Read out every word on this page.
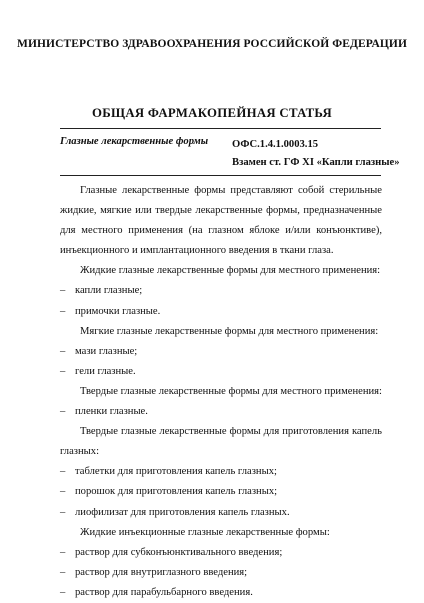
МИНИСТЕРСТВО ЗДРАВООХРАНЕНИЯ РОССИЙСКОЙ ФЕДЕРАЦИИ
ОБЩАЯ ФАРМАКОПЕЙНАЯ СТАТЬЯ
Глазные лекарственные формы ОФС.1.4.1.0003.15
Взамен ст. ГФ XI «Капли глазные»

Глазные лекарственные формы представляют собой стерильные жидкие, мягкие или твердые лекарственные формы, предназначенные для местного применения (на глазном яблоке и/или конъюнктиве), инъекционного и имплантационного введения в ткани глаза.

Жидкие глазные лекарственные формы для местного применения:

– капли глазные;

– примочки глазные.

Мягкие глазные лекарственные формы для местного применения:

– мази глазные;

– гели глазные.

Твердые глазные лекарственные формы для местного применения:

– пленки глазные.

Твердые глазные лекарственные формы для приготовления капель глазных:

– таблетки для приготовления капель глазных;

– порошок для приготовления капель глазных;

– лиофилизат для приготовления капель глазных.

Жидкие инъекционные глазные лекарственные формы:

– раствор для субконъюнктивального введения;

– раствор для внутриглазного введения;

– раствор для парабульбарного введения.
